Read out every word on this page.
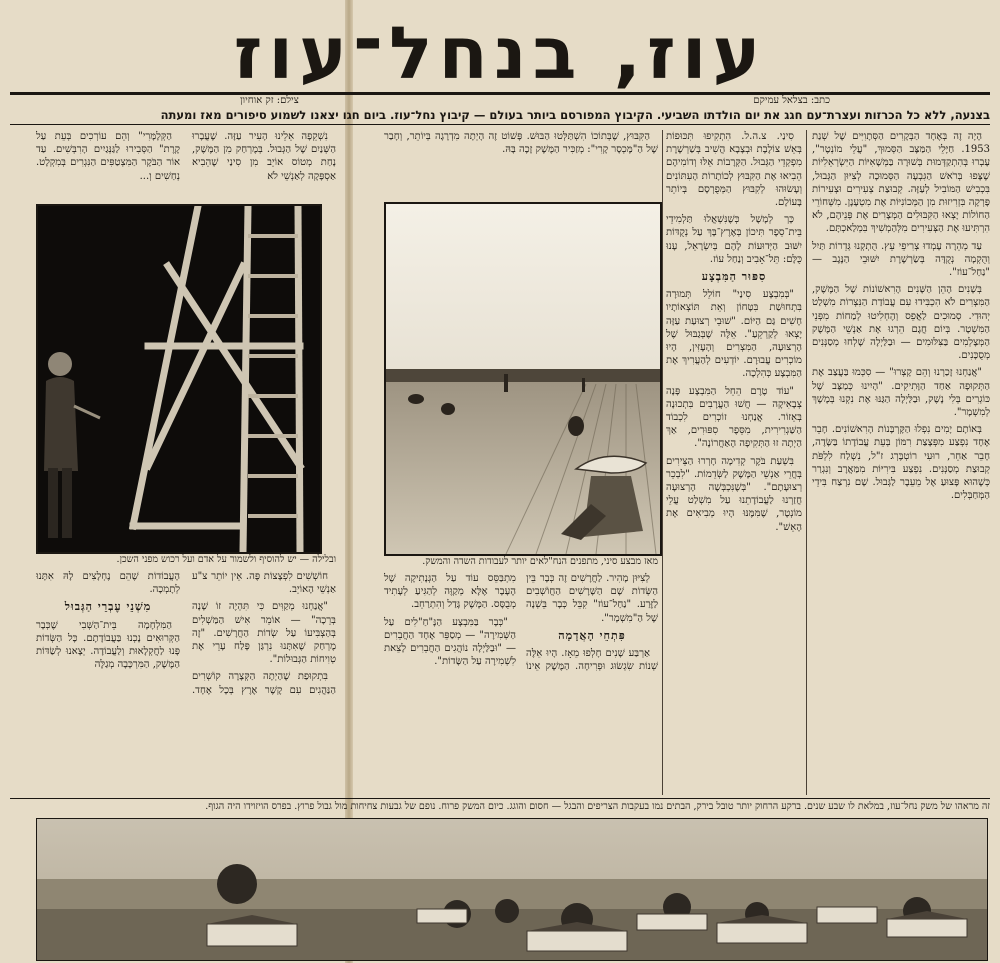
עוז, בנחל־עוז
כתב: בצלאל עמיקם
צילם: זק אוחיון
בצנעה, ללא כל הכרזות ועצרת־עם חגג את יום הולדתו השביעי. הקיבוץ המפורסם ביותר בעולם — קיבוץ נחל־עוז. ביום חגו יצאנו לשמוע סיפורים מאז ומעתה

הָיָה זֶה בְּאֶחָד הַבְּקָרִים הַסְּתָוִיִּים שֶׁל שְׁנַת 1953. חַיָּלֵי הַמַּצָּב הַסְּמוּךְ, "עֲלֵי מוֹנְטֶר", עָבְרוּ בְּהִתְקַדְּמוּת בְּשׁוּרָה בַּמְּשָׁאִיּוֹת הַיִּשְׂרְאֵלִיּוֹת שֶׁצָּפוּ בְּרֹאשׁ הַגִּבְעָה הַסְּמוּכָה לְצִיּוּן הַגְּבוּל, בִּכְבִישׁ הַמּוֹבִיל לְעַזָּה. קְבוּצַת צְעִירִים וּצְעִירוֹת פָּרְקָה בִּזְרִיזוּת מִן הַמְּכוֹנִיּוֹת אֶת מִטְעָנָן. מִשְּׁחוֹרֵי הַחוֹלוֹת יָצְאוּ הַקִּבּוּלִים הַמְּצָרִים אֶת פְּנֵיהֶם, לֹא הִרְתִּיעוּ אֶת הַצְּעִירִים מִלְּהַמְשִׁיךְ בִּמְלַאכְתָּם.

עַד מְהֵרָה עָמְדוּ צְרִיפֵי עֵץ. הֻתְקְנוּ גְּדֵרוֹת תַּיִל וְהֻקְמָה נְקֻדָּה בְּשַׂרְשֶׁרֶת יִשּׁוּבֵי הַנֶּגֶב — "נַחַל־עוֹז".

בְּשָׁנִים הָהֵן הַשָּׁנִים הָרִאשׁוֹנוֹת שֶׁל הַמֶּשֶׁק, הַמִּצְרִים לֹא הִכְבִּידוּ עִם עֲבוֹדַת הַנִּצְרוֹת מִשְׁלַט יְהוּדִי. סְמוּכִים לַאֲפֵס וְהֶחְלִיטוּ לְמַחוֹת מִפְּנֵי הַמִּשְׁטָר. בְּיוֹם חֲגָם הֵרְגוּ אֶת אַנְשֵׁי הַמֶּשֶׁק הַמְּצָלְמִים בַּצִּלּוּמִים — וּבַלַּיְלָה שָׁלְחוּ מְסַנְּנִים מְסֻכָּנִים.

"אֲנַחְנוּ זָכַרְנוּ וְהֵם קָצְרוּ" — סִכְּמוּ בַּעֲצַב אֶת הַתְּקוּפָה אַחַד הַוָּתִיקִים. "הָיִינוּ כְּמַצָּב שֶׁל כּוֹגְרִים בְּלִי נֶשֶׁק, וּבַלַּיְלָה הַגַּנּוּ אֶת נִקְנוּ בְּמֶשֶׁךְ לְמִשְׁמָר".

בְּאוֹתָם יָמִים נִפְלוּ הַקָּרְבָּנוֹת הָרִאשׁוֹנִים. חָבֵר אֶחָד נִפְצַע מִפְּצָצַת רִמּוֹן בְּעֵת עֲבוֹדָתוֹ בַּשָּׂדֶה, חָבֵר אַחֵר, רוּעִי רוֹטְבֶּרְג ז"ל, נִשְׁלַח לִלְפֹּת קְבוּצַת מְסַנְּנִים. נִפְצַע בִּירִיּוֹת מִמַּאֲרָב וְנִגְרַר כְּשֶׁהוּא פָּצוּעַ אֶל מֵעֵבֶר לַגְּבוּל. שָׁם נִרְצַח בִּידֵי הַמְּחַבְּלִים.

סִינַי. צ.ה.ל. הִתְקִיפוּ תִּכּוּפוֹת בְּאֵשׁ צוֹלֶבֶת וּבְצָבָא הֲשִׁיב בְּשַׁרְשֶׁרֶת מִפְקְדֵי הַגְּבוּל. הַקְּרָבוֹת אֵלּוּ וְדוֹמִיהֶם הֵבִיאוּ אֶת הַקִּבּוּץ לְכוֹתָרוֹת הָעִתּוֹנִים וְעָשׂוּהוּ לְקִבּוּץ הַמְּפֻרְסָם בְּיוֹתֵר בָּעוֹלָם.

כָּך לְמָשָׁל כְּשֶׁנִּשְׁאֲלוּ תַּלְמִידֵי בֵּית־סֵפֶר תִּיכוֹן בְּאֶרֶץ־בָּךְ עַל נְקֻדּוֹת יִשּׁוּב הַיְּדוּעוֹת לָהֶם בְּיִשְׂרָאֵל, עָנוּ כֻּלָּם: תֵּל־אָבִיב וְנַחַל עוֹז.

סִפּוּר הַמִּבְצָע

"בְּמִבְצָע סִינַי" חוֹלֵל תְּמוּרָה בִּתְחוּשַׁת בִּטָּחוֹן וְאֵת תּוֹצְאוֹתָיו חָשִׁים גַּם הַיּוֹם. "שׁוּבֵי רְצוּעַת עַזָּה יָצְאוּ לְקַרְקֵעַ". אֵלֶּה שֶׁבְּגַבּוּל שֶׁל הָרְצוּעָה, הַמִּצְרִים וְהָעֶזִּין, הָיוּ מוֹכְרִים עֲבוּרָם. יוֹדְעִים לְהַעֲרִיךְ אֶת הַמִּבְצָע כְּהִלְכָה.

"עוֹד טֶרֶם הֵחֵל הַמִּבְצָע פָּנָה צְבָאִיקָה — חֲשׁוּ הַעֲרָבִים בִּתְכוּנָה בְּאֵזוֹר. אֲנַחְנוּ זוֹכְרִים לִכְבוֹד הַשַּׁגְרִירִית, מִסֵּפֶר סִפּוּרִים, אַךְ הַיְתָה זוּ הַתְּקִיפָה הָאַחֲרוֹנָה".

בִּשְׁעַת בֹּקֶר קְדִימָה חָרְרוּ הַצֵּירִים בְּחֲרֵי אַנְשֵׁי הַמֶּשֶׁק לַשְּׂדֵמוֹת. "לִבְכֵר רְצוּעָתָם". "בְּשֶׁנִּכְבְּשָׁה הָרְצוּעָה חֲזַרְנוּ לַעֲבוֹדָתֵנוּ עַל מִשְׁלַט עֲלֵי מוֹנְטֶר, שֶׁמִּמֶּנּוּ הָיוּ מְבִיאִים אֶת הָאֵשׁ".

הַקִּבּוּץ, שֶׁבְּתוֹכוֹ הִשְׁתַּלְּטוּ הַבּוּשׁ. פָּשׁוֹט זֶה הָיְתָה מִדְרָגָה בְּיוֹתֵר, וְחָבַר שֶׁל הַ"מֶּכְסָר קָרִי": מְזַכִּיר הַמֶּשֶׁק זָכָה בָּהּ.

מאז מבצע סיני, מתפנים הנח"לאים יותר לעבודות השדה והמשק.

לְצִיּוּן מָהִיר. לַחֲרָשִׁים זֶה כְּבָר בֵּין הַשְּׂדוֹת שָׁם הַשָּׁרָשִׁים הַחֲוֹשְׁבִים לַזֶּרַע. "נַחַל־עוֹז" קִבֵּל כְּבָר בֵּשְׁנָה שֶׁל הַ"מִשְׁמָר".

פִּתְחֵי הָאֲדָמָה

אַרְבַּע שָׁנִים חָלְפוּ מֵאָז. הָיוּ אֵלֶּה שְׁנוֹת שִׂגְשׂוּג וּפְרִיחָה. הַמֶּשֶׁק אֵינוֹ מִתְבַּסֵּס עוֹד עַל הַגְּנָתִיקָה שֶׁל הֶעָבָר אֶלָּא מְקַוֶּה לְהַגִּיעַ לְעָתִיד מְבֻסָּס. הַמֶּשֶׁק גָּדַל וְהִתְרַחֵב.

"כְּבָר בַּמִּבְצָע הַנָּ"חַ"לִים עַל הַשְּׁמִירָה" — מְסַפֵּר אֶחָד הַחֲבֵרִים — "וּבַלַּיְלָה נוֹהֲגִים הַחֲבֵרִים לָצֵאת לִשְׁמִירָה עַל הַשָּׂדוֹת".

נִשְׁקֵפָה אֵלֵינוּ הָעִיר עַזָּה. שֶׁעֲבָרוּ הַשְּׁנַיִם שֶׁל הַגְּבוּל. בְּמֶרְחַק מִן הַמֶּשֶׁק, נָחַת מְטוֹס אוֹיֵב מִן סִינַי שֶׁהֵבִיא אַסְפָּקָה לְאַנְשֵׁי לֹא

הַקְּלָמָּרִי" וְהֵם עוֹרְכִים בְּעֵת עַל קֶרֶת" הַסְּבִירוּ לַגַּנְּגַיִים הָרִבְּשִׁים. עַד אוֹר הַבֹּקֶר הַמִּצְטַפִּים הַנִּגְרִים בְּמִקְלָט. נְחַשִׁים וְ...

ובלילה — יש להוסיף ולשמור על אדם ועל רכוש מפני השכן.

חוֹשְׁשִׁים לִפְצָצוֹת פֶּה. אֵין יוֹתֵר צ"ע אַנְשֵׁי הָאוֹיֵב.

"אֲנַחְנוּ מְקַוִּים כִּי תִּהְיֶה זוֹ שָׁנָה בְּרֵכָה" — אוֹמֵר אִישׁ הַמַּשְׁלִים בְּהַצְבִּיעוֹ עַל שְׂדוֹת הַחֲרָשִׁים. "זֶה מֶרְחַק שֶׁאִתָּנוּ נִרְגַּן פָּלַח עָרֵי אֶת טְוִיחוֹת הַגְּבוּלוֹת".

בִּתְקוּפַת שֶׁהַיְתָה הַקְּצָרָה קוֹשְׁרִים הַנַּהֲגִים עִם קֶשֶׁר אֶרֶץ בְּכָל אֶחָד. הָעֲבוֹדוֹת שֶׁהֵם נֶחְלָצִים לָהּ אִתָּנוּ לְתָמְכָה.

מִשְׁנֵי עֶבְרֵי הַגְּבוּל

הַמִּלְחָמָה בֵּית־הַשְּׁבִי שֶׁכְּבָר הַקְּרוּאִים נָכְנוּ בַּעֲבוֹדָתָם. כָּל הַשְּׂדוֹת פָּנוּ לַחֲקְלָאוּת וְלַעֲבוֹדָה. יְצָאנוּ לְשַׂדּוֹת הַמֶּשֶׁק, הַמִּרְכָּבָה מְגַלֶּה

זה מראהו של משק נחל־עוז, במלאת לו שבע שנים. ברקע הרחוק יותר טובל בירק, הבתים נמו בעקבות הצריפים והבגל — חסום והוגג. כיום המשק פרוח. נופם של גבעות צחיחות מול גבול פרוץ. בפרס הויזוידו היה הגוף.
